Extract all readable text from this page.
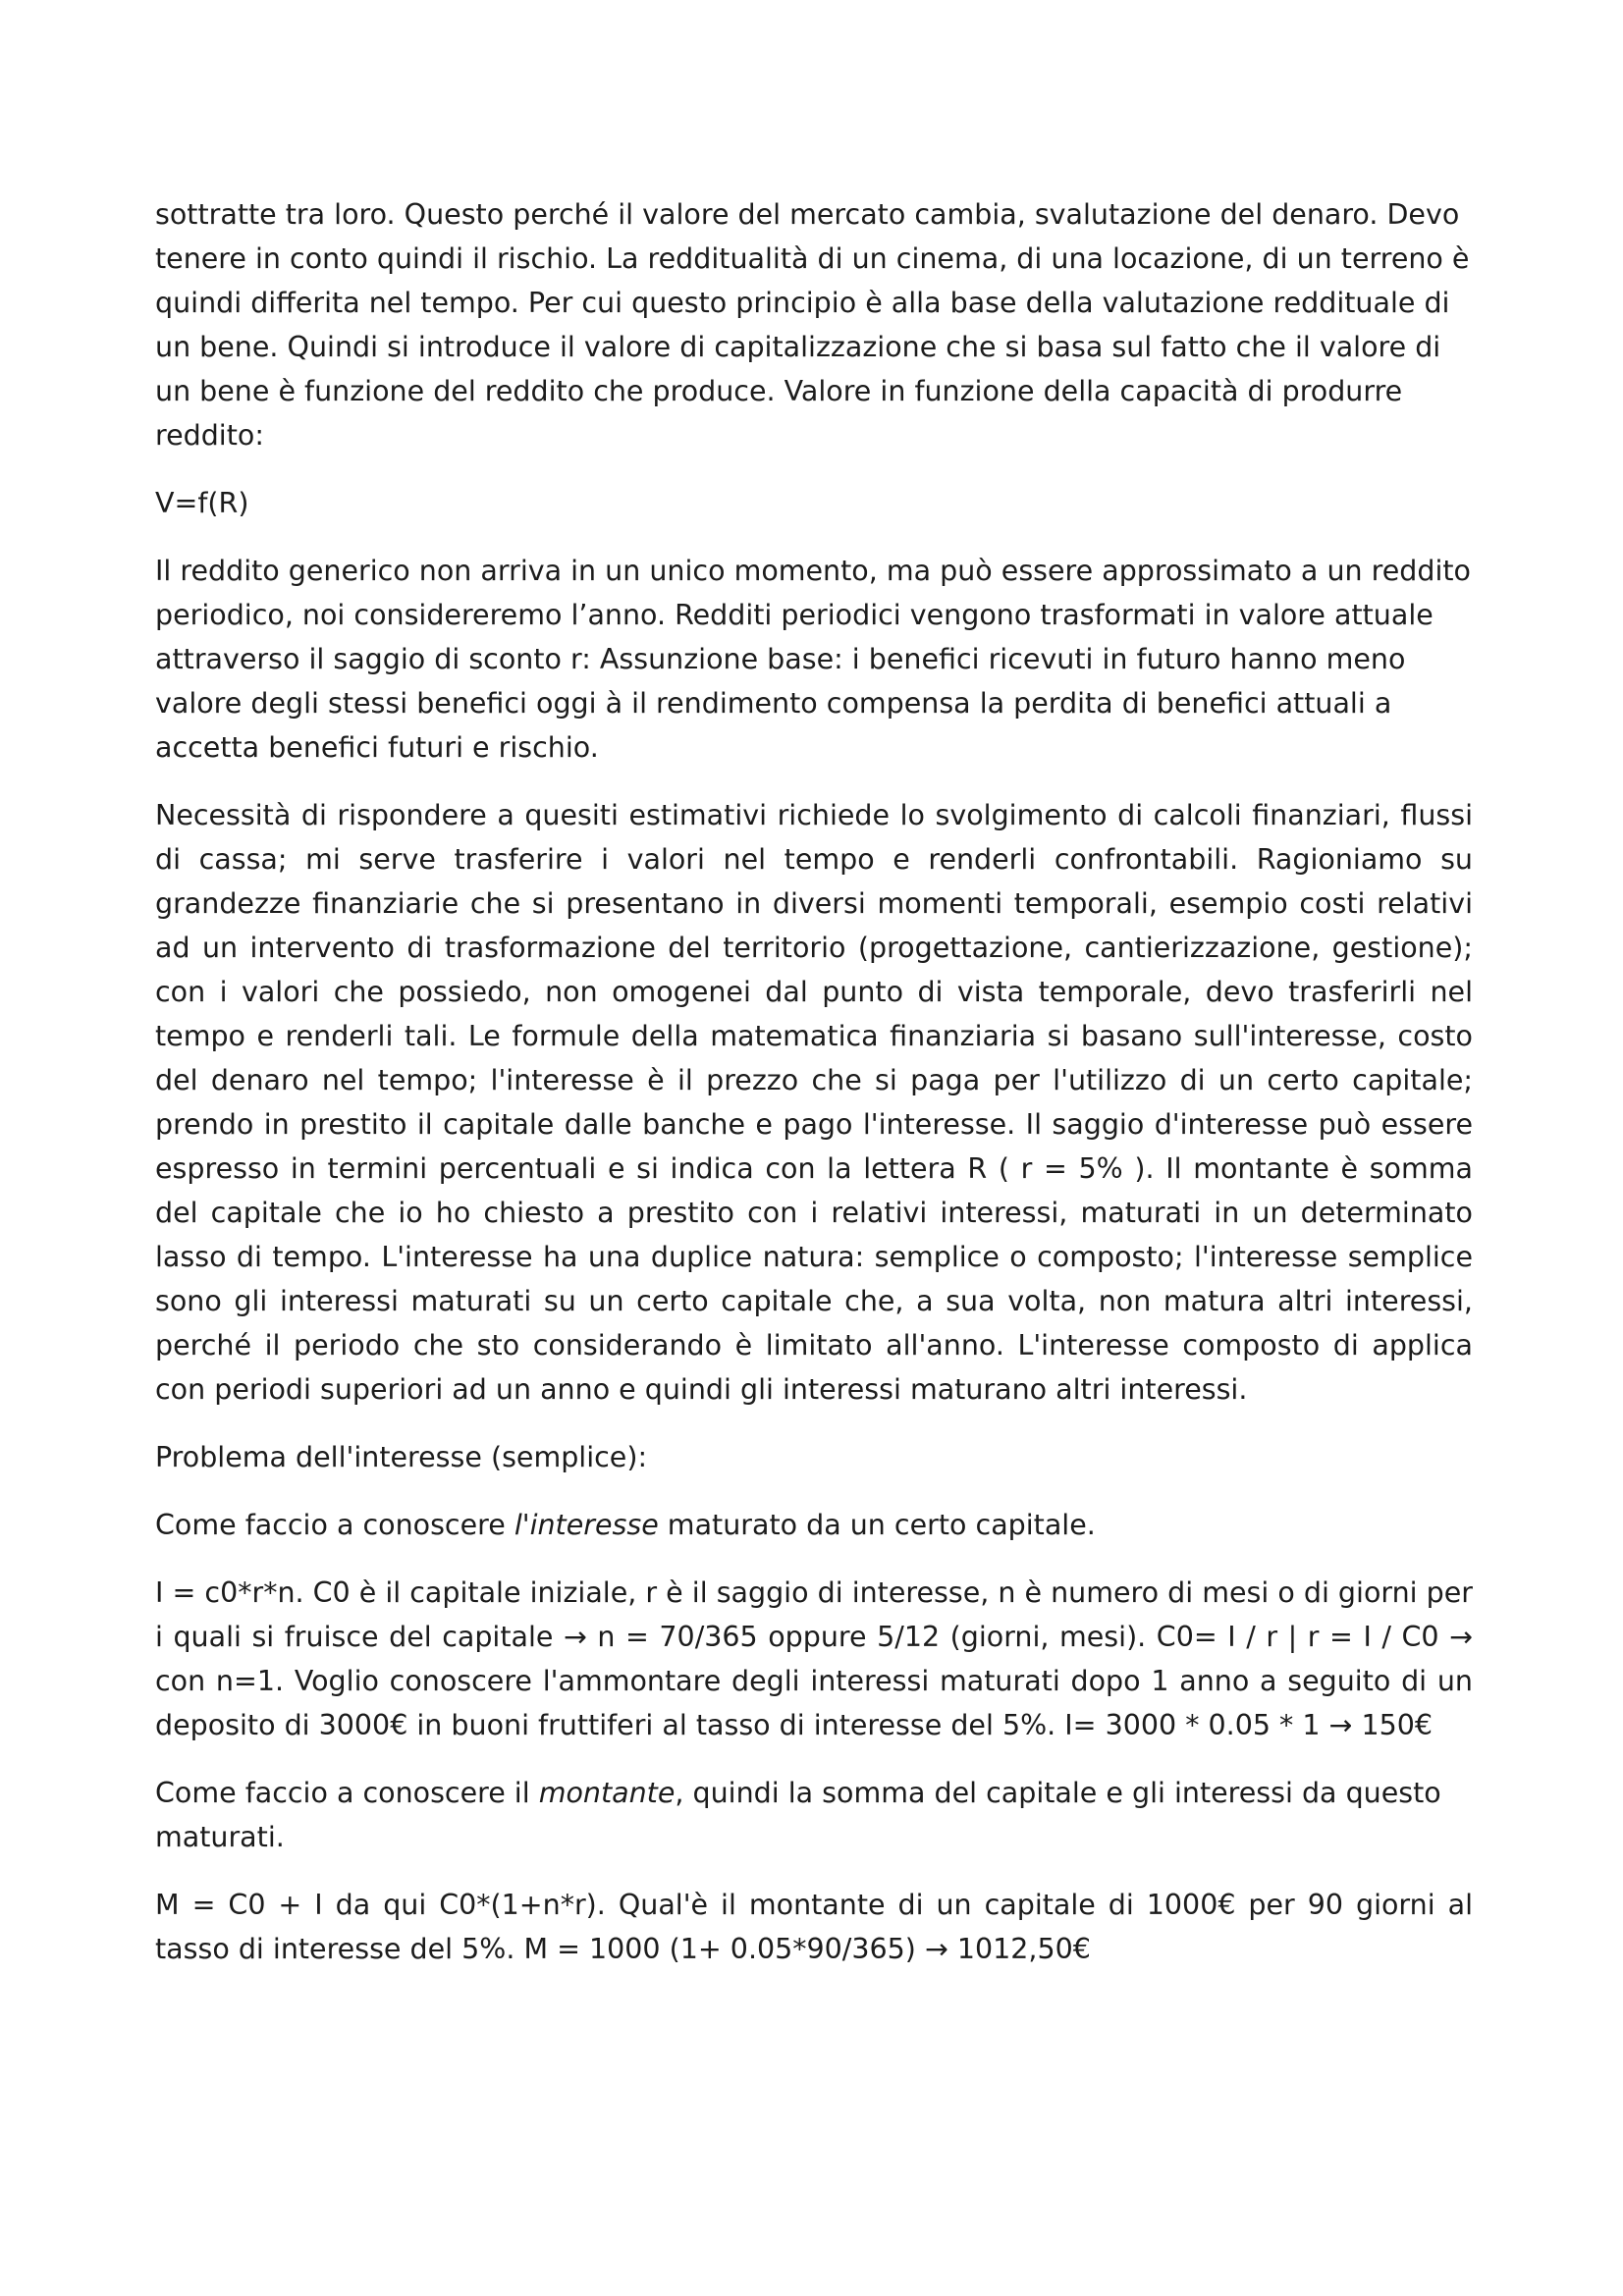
sottratte tra loro. Questo perché il valore del mercato cambia, svalutazione del denaro. Devo tenere in conto quindi il rischio. La redditualità di un cinema, di una locazione, di un terreno è quindi differita nel tempo. Per cui questo principio è alla base della valutazione reddituale di un bene. Quindi si introduce il valore di capitalizzazione che si basa sul fatto che il valore di un bene è funzione del reddito che produce. Valore in funzione della capacità di produrre reddito:

V=f(R)

Il reddito generico non arriva in un unico momento, ma può essere approssimato a un reddito periodico, noi considereremo l’anno. Redditi periodici vengono trasformati in valore attuale attraverso il saggio di sconto r: Assunzione base: i benefici ricevuti in futuro hanno meno valore degli stessi benefici oggi à il rendimento compensa la perdita di benefici attuali a accetta benefici futuri e rischio.

Necessità di rispondere a quesiti estimativi richiede lo svolgimento di calcoli finanziari, flussi di cassa; mi serve trasferire i valori nel tempo e renderli confrontabili. Ragioniamo su grandezze finanziarie che si presentano in diversi momenti temporali, esempio costi relativi ad un intervento di trasformazione del territorio (progettazione, cantierizzazione, gestione); con i valori che possiedo, non omogenei dal punto di vista temporale, devo trasferirli nel tempo e renderli tali. Le formule della matematica finanziaria si basano sull'interesse, costo del denaro nel tempo; l'interesse è il prezzo che si paga per l'utilizzo di un certo capitale; prendo in prestito il capitale dalle banche e pago l'interesse. Il saggio d'interesse può essere espresso in termini percentuali e si indica con la lettera R ( r = 5% ). Il montante è somma del capitale che io ho chiesto a prestito con i relativi interessi, maturati in un determinato lasso di tempo. L'interesse ha una duplice natura: semplice o composto; l'interesse semplice sono gli interessi maturati su un certo capitale che, a sua volta, non matura altri interessi, perché il periodo che sto considerando è limitato all'anno. L'interesse composto di applica con periodi superiori ad un anno e quindi gli interessi maturano altri interessi.

Problema dell'interesse (semplice):

Come faccio a conoscere l'interesse maturato da un certo capitale.

I = c0*r*n. C0 è il capitale iniziale, r è il saggio di interesse, n è numero di mesi o di giorni per i quali si fruisce del capitale → n = 70/365 oppure 5/12 (giorni, mesi). C0= I / r | r = I / C0 → con n=1. Voglio conoscere l'ammontare degli interessi maturati dopo 1 anno a seguito di un deposito di 3000€ in buoni fruttiferi al tasso di interesse del 5%. I= 3000 * 0.05 * 1 → 150€

Come faccio a conoscere il montante, quindi la somma del capitale e gli interessi da questo maturati.

M = C0 + I da qui C0*(1+n*r). Qual'è il montante di un capitale di 1000€ per 90 giorni al tasso di interesse del 5%. M = 1000 (1+ 0.05*90/365) → 1012,50€
